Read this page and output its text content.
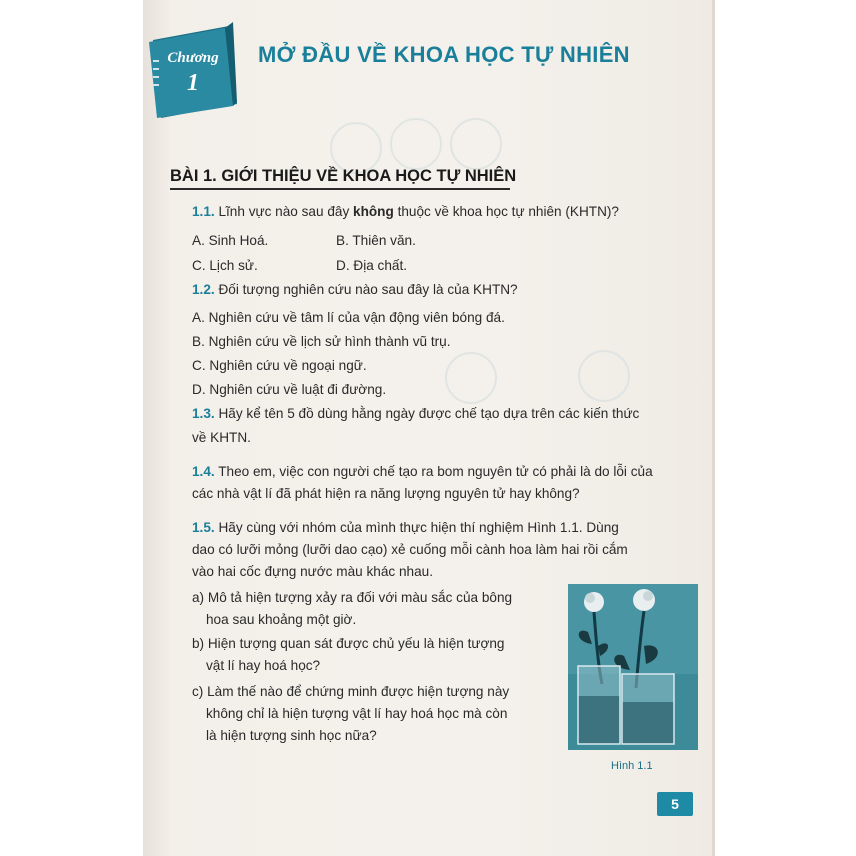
Chương
1
MỞ ĐẦU VỀ KHOA HỌC TỰ NHIÊN
BÀI 1. GIỚI THIỆU VỀ KHOA HỌC TỰ NHIÊN
1.1. Lĩnh vực nào sau đây không thuộc về khoa học tự nhiên (KHTN)?
A. Sinh Hoá.	B. Thiên văn.
C. Lịch sử.	D. Địa chất.
1.2. Đối tượng nghiên cứu nào sau đây là của KHTN?
A. Nghiên cứu về tâm lí của vận động viên bóng đá.
B. Nghiên cứu về lịch sử hình thành vũ trụ.
C. Nghiên cứu về ngoại ngữ.
D. Nghiên cứu về luật đi đường.
1.3. Hãy kể tên 5 đồ dùng hằng ngày được chế tạo dựa trên các kiến thức
về KHTN.
1.4. Theo em, việc con người chế tạo ra bom nguyên tử có phải là do lỗi của
các nhà vật lí đã phát hiện ra năng lượng nguyên tử hay không?
1.5. Hãy cùng với nhóm của mình thực hiện thí nghiệm Hình 1.1. Dùng
dao có lưỡi mỏng (lưỡi dao cạo) xẻ cuống mỗi cành hoa làm hai rồi cắm
vào hai cốc đựng nước màu khác nhau.
a) Mô tả hiện tượng xảy ra đối với màu sắc của bông
hoa sau khoảng một giờ.
b) Hiện tượng quan sát được chủ yếu là hiện tượng
vật lí hay hoá học?
c) Làm thế nào để chứng minh được hiện tượng này
không chỉ là hiện tượng vật lí hay hoá học mà còn
là hiện tượng sinh học nữa?
Hình 1.1
5
